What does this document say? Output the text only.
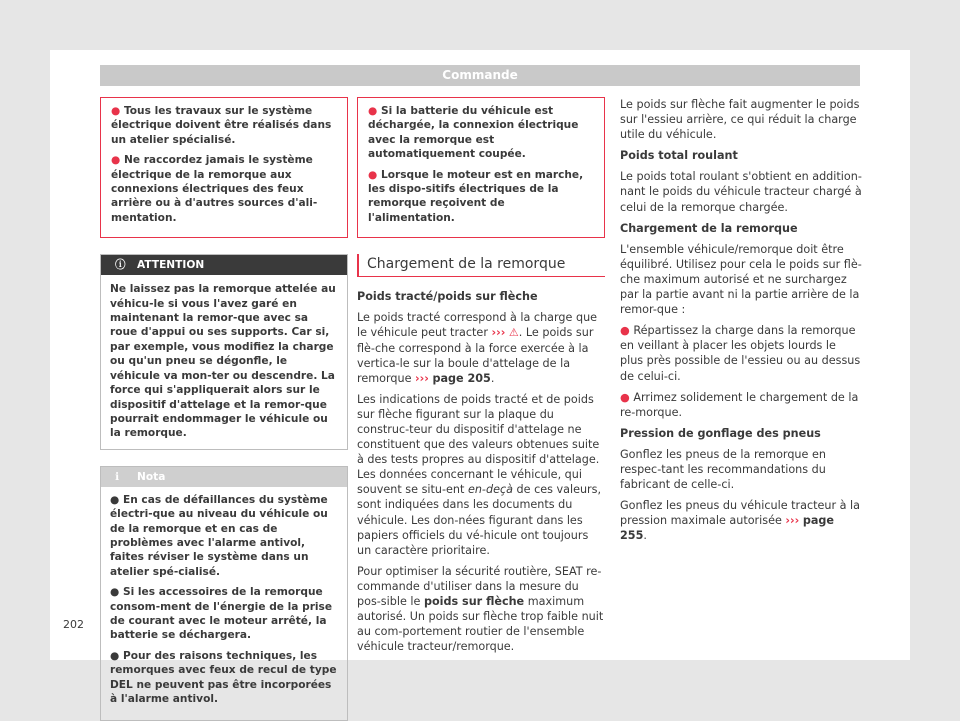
Commande

● Tous les travaux sur le système électrique doivent être réalisés dans un atelier spécialisé.

● Ne raccordez jamais le système électrique de la remorque aux connexions électriques des feux arrière ou à d'autres sources d'ali-mentation.

ⓘ ATTENTION
Ne laissez pas la remorque attelée au véhicu-le si vous l'avez garé en maintenant la remor-que avec sa roue d'appui ou ses supports. Car si, par exemple, vous modifiez la charge ou qu'un pneu se dégonfle, le véhicule va mon-ter ou descendre. La force qui s'appliquerait alors sur le dispositif d'attelage et la remor-que pourrait endommager le véhicule ou la remorque.
ℹ Nota

● En cas de défaillances du système électri-que au niveau du véhicule ou de la remorque et en cas de problèmes avec l'alarme antivol, faites réviser le système dans un atelier spé-cialisé.

● Si les accessoires de la remorque consom-ment de l'énergie de la prise de courant avec le moteur arrêté, la batterie se déchargera.

● Pour des raisons techniques, les remorques avec feux de recul de type DEL ne peuvent pas être incorporées à l'alarme antivol.

● Si la batterie du véhicule est déchargée, la connexion électrique avec la remorque est automatiquement coupée.

● Lorsque le moteur est en marche, les dispo-sitifs électriques de la remorque reçoivent de l'alimentation.

Chargement de la remorque

Poids tracté/poids sur flèche

Le poids tracté correspond à la charge que le véhicule peut tracter ››› ⚠. Le poids sur flè-che correspond à la force exercée à la vertica-le sur la boule d'attelage de la remorque ››› page 205.

Les indications de poids tracté et de poids sur flèche figurant sur la plaque du construc-teur du dispositif d'attelage ne constituent que des valeurs obtenues suite à des tests propres au dispositif d'attelage. Les données concernant le véhicule, qui souvent se situ-ent en-deçà de ces valeurs, sont indiquées dans les documents du véhicule. Les don-nées figurant dans les papiers officiels du vé-hicule ont toujours un caractère prioritaire.

Pour optimiser la sécurité routière, SEAT re-commande d'utiliser dans la mesure du pos-sible le poids sur flèche maximum autorisé. Un poids sur flèche trop faible nuit au com-portement routier de l'ensemble véhicule tracteur/remorque.

Le poids sur flèche fait augmenter le poids sur l'essieu arrière, ce qui réduit la charge utile du véhicule.

Poids total roulant

Le poids total roulant s'obtient en addition-nant le poids du véhicule tracteur chargé à celui de la remorque chargée.

Chargement de la remorque

L'ensemble véhicule/remorque doit être équilibré. Utilisez pour cela le poids sur flè-che maximum autorisé et ne surchargez par la partie avant ni la partie arrière de la remor-que :

● Répartissez la charge dans la remorque en veillant à placer les objets lourds le plus près possible de l'essieu ou au dessus de celui-ci.

● Arrimez solidement le chargement de la re-morque.

Pression de gonflage des pneus

Gonflez les pneus de la remorque en respec-tant les recommandations du fabricant de celle-ci.

Gonflez les pneus du véhicule tracteur à la pression maximale autorisée ››› page 255.

202
